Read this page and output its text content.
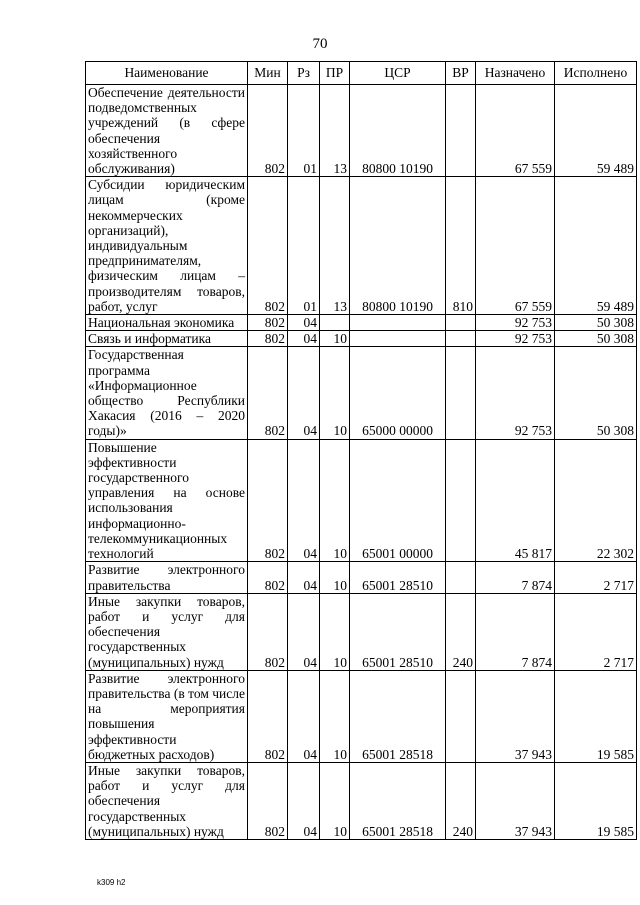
70
Наименование	Мин	Рз	ПР	ЦСР	ВР	Назначено	Исполнено
Обеспечение деятельности подведомственных учреждений (в сфере обеспечения хозяйственного обслуживания)	802	01	13	80800 10190		67 559	59 489
Субсидии юридическим лицам (кроме некоммерческих организаций), индивидуальным предпринимателям, физическим лицам – производителям товаров, работ, услуг	802	01	13	80800 10190	810	67 559	59 489
Национальная экономика	802	04				92 753	50 308
Связь и информатика	802	04	10			92 753	50 308
Государственная программа «Информационное общество Республики Хакасия (2016 – 2020 годы)»	802	04	10	65000 00000		92 753	50 308
Повышение эффективности государственного управления на основе использования информационно-телекоммуникационных технологий	802	04	10	65001 00000		45 817	22 302
Развитие электронного правительства	802	04	10	65001 28510		7 874	2 717
Иные закупки товаров, работ и услуг для обеспечения государственных (муниципальных) нужд	802	04	10	65001 28510	240	7 874	2 717
Развитие электронного правительства (в том числе на мероприятия повышения эффективности бюджетных расходов)	802	04	10	65001 28518		37 943	19 585
Иные закупки товаров, работ и услуг для обеспечения государственных (муниципальных) нужд	802	04	10	65001 28518	240	37 943	19 585
k309 h2
